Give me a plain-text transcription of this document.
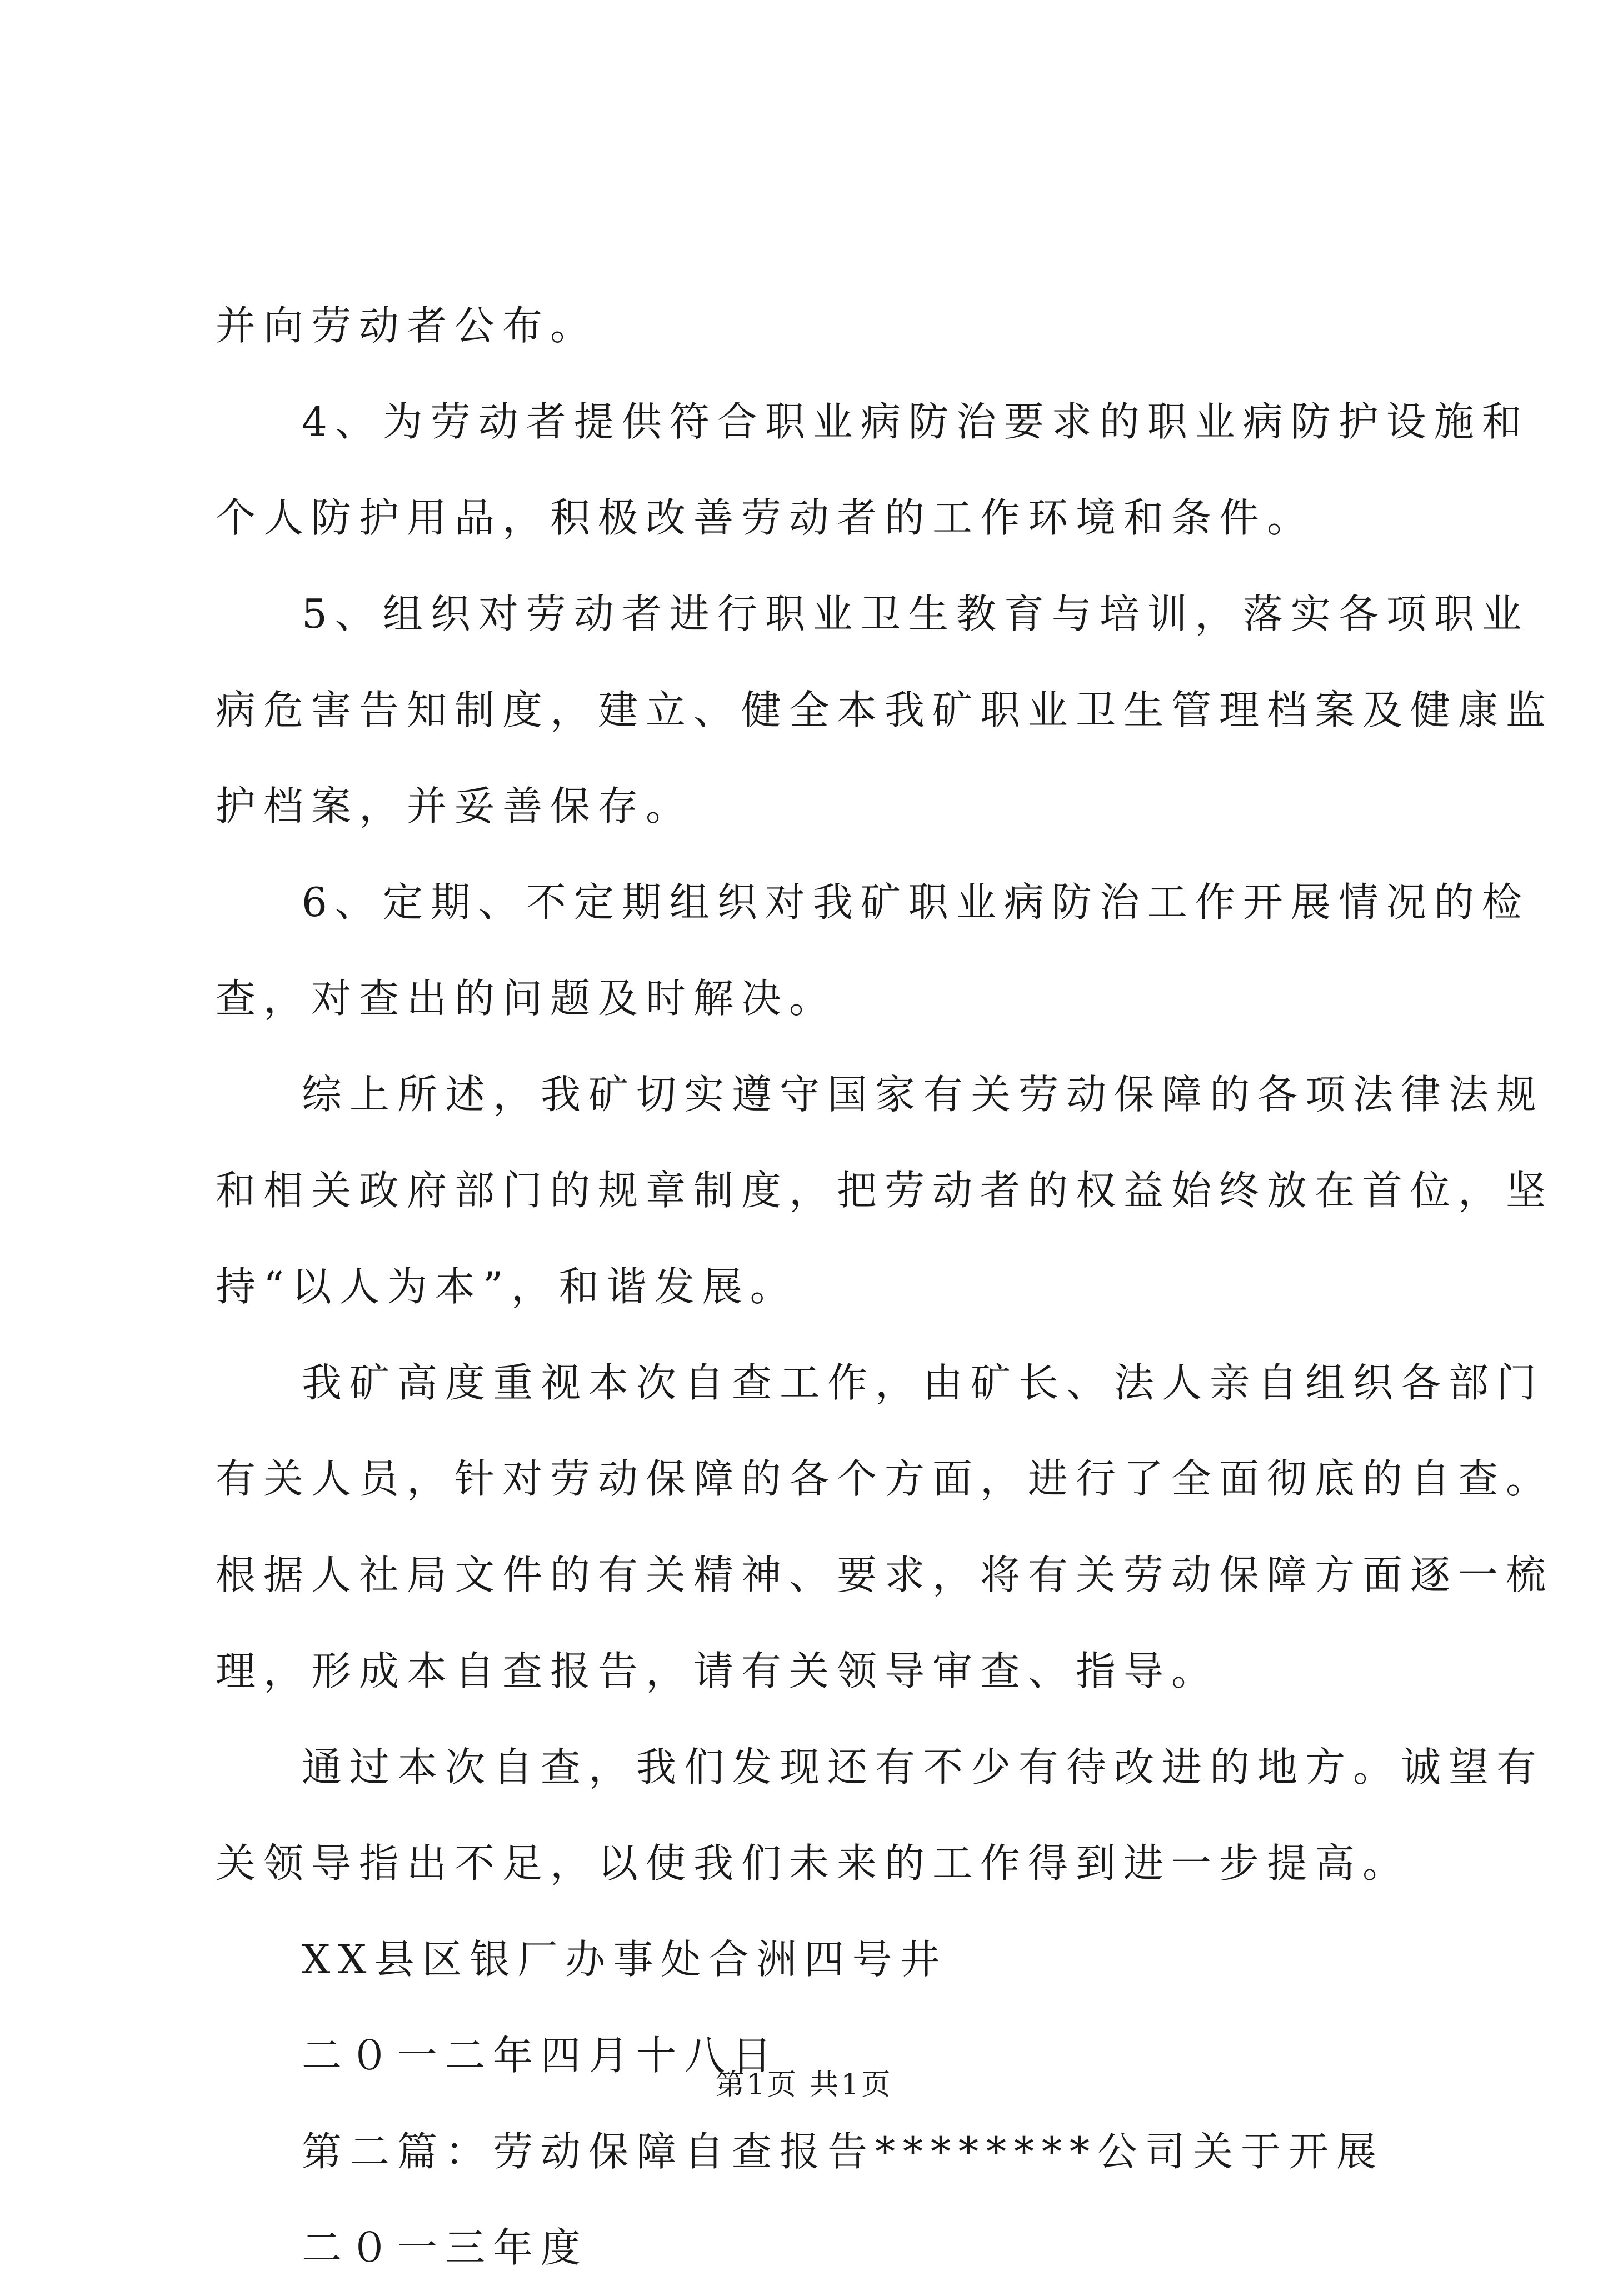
并向劳动者公布。
4、为劳动者提供符合职业病防治要求的职业病防护设施和
个人防护用品，积极改善劳动者的工作环境和条件。
5、组织对劳动者进行职业卫生教育与培训，落实各项职业
病危害告知制度，建立、健全本我矿职业卫生管理档案及健康监
护档案，并妥善保存。
6、定期、不定期组织对我矿职业病防治工作开展情况的检
查，对查出的问题及时解决。
综上所述，我矿切实遵守国家有关劳动保障的各项法律法规
和相关政府部门的规章制度，把劳动者的权益始终放在首位，坚
持“以人为本”，和谐发展。
我矿高度重视本次自查工作，由矿长、法人亲自组织各部门
有关人员，针对劳动保障的各个方面，进行了全面彻底的自查。
根据人社局文件的有关精神、要求，将有关劳动保障方面逐一梳
理，形成本自查报告，请有关领导审查、指导。
通过本次自查，我们发现还有不少有待改进的地方。诚望有
关领导指出不足，以使我们未来的工作得到进一步提高。
XX县区银厂办事处合洲四号井
二０一二年四月十八日
第二篇：劳动保障自查报告********公司关于开展
二０一三年度
第1页 共1页
